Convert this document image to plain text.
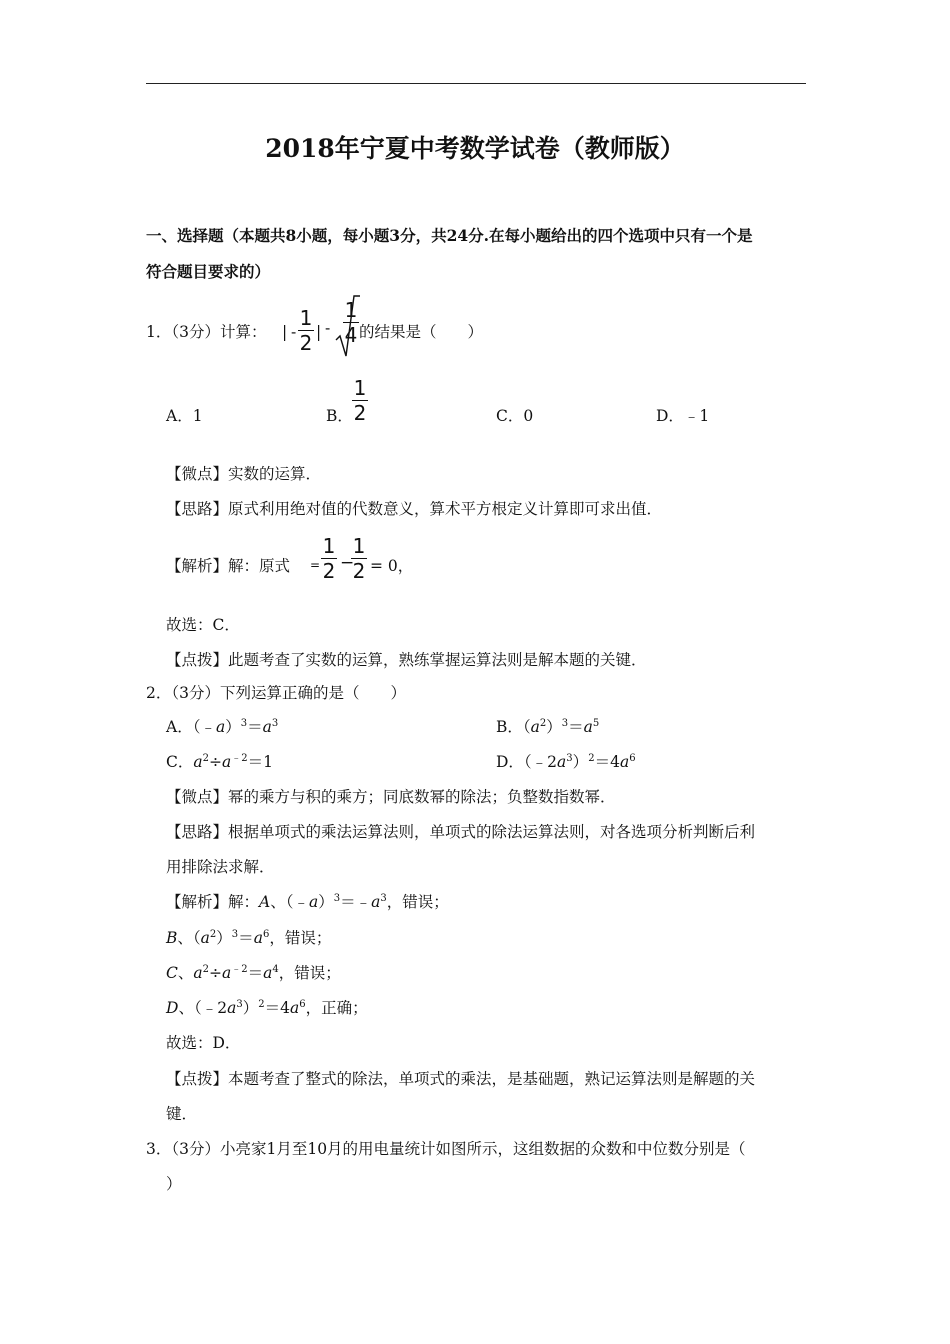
2018年宁夏中考数学试卷（教师版）
一、选择题（本题共8小题，每小题3分，共24分.在每小题给出的四个选项中只有一个是
符合题目要求的）
1．（3分）计算： | -
1
2 | -
1
4 的结果是（　　）
A．1	B．
1
2	C．0	D．﹣1
【微点】实数的运算．
【思路】原式利用绝对值的代数意义，算术平方根定义计算即可求出值．
【解析】解：原式 =
1
2 −
1
2 = 0，
故选：C．
【点拨】此题考查了实数的运算，熟练掌握运算法则是解本题的关键．
2．（3分）下列运算正确的是（　　）
A．$(﹣a)^3=a^3$	B．$(a^2)^3=a^5$
C．$a^2\div a^{﹣2}=1$	D．$(﹣2a^3)^2=4a^6$
【微点】幂的乘方与积的乘方；同底数幂的除法；负整数指数幂．
【思路】根据单项式的乘法运算法则，单项式的除法运算法则，对各选项分析判断后利
用排除法求解．
【解析】解：A、$(﹣a)^3=﹣a^3$，错误；
B、$(a^2)^3=a^6$，错误；
C、$a^2\div a^{﹣2}=a^4$，错误；
D、$(﹣2a^3)^2=4a^6$，正确；
故选：D．
【点拨】本题考查了整式的除法，单项式的乘法，是基础题，熟记运算法则是解题的关
键．
3．（3分）小亮家1月至10月的用电量统计如图所示，这组数据的众数和中位数分别是（
）
